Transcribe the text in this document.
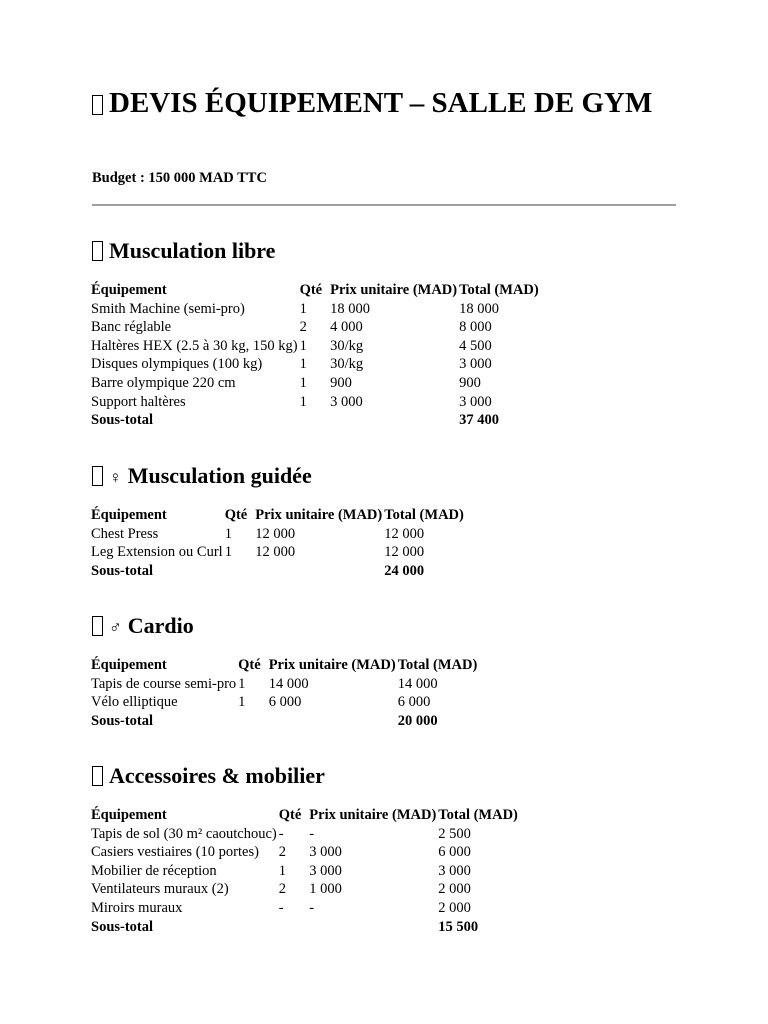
DEVIS ÉQUIPEMENT – SALLE DE GYM

Budget : 150 000 MAD TTC

Musculation libre
Équipement	Qté	Prix unitaire (MAD)	Total (MAD)
Smith Machine (semi-pro)	1	18 000	18 000
Banc réglable	2	4 000	8 000
Haltères HEX (2.5 à 30 kg, 150 kg)	1	30/kg	4 500
Disques olympiques (100 kg)	1	30/kg	3 000
Barre olympique 220 cm	1	900	900
Support haltères	1	3 000	3 000
Sous-total			37 400
♀ Musculation guidée
Équipement	Qté	Prix unitaire (MAD)	Total (MAD)
Chest Press	1	12 000	12 000
Leg Extension ou Curl	1	12 000	12 000
Sous-total			24 000
♂ Cardio
Équipement	Qté	Prix unitaire (MAD)	Total (MAD)
Tapis de course semi-pro	1	14 000	14 000
Vélo elliptique	1	6 000	6 000
Sous-total			20 000
Accessoires & mobilier
Équipement	Qté	Prix unitaire (MAD)	Total (MAD)
Tapis de sol (30 m² caoutchouc)	-	-	2 500
Casiers vestiaires (10 portes)	2	3 000	6 000
Mobilier de réception	1	3 000	3 000
Ventilateurs muraux (2)	2	1 000	2 000
Miroirs muraux	-	-	2 000
Sous-total			15 500
